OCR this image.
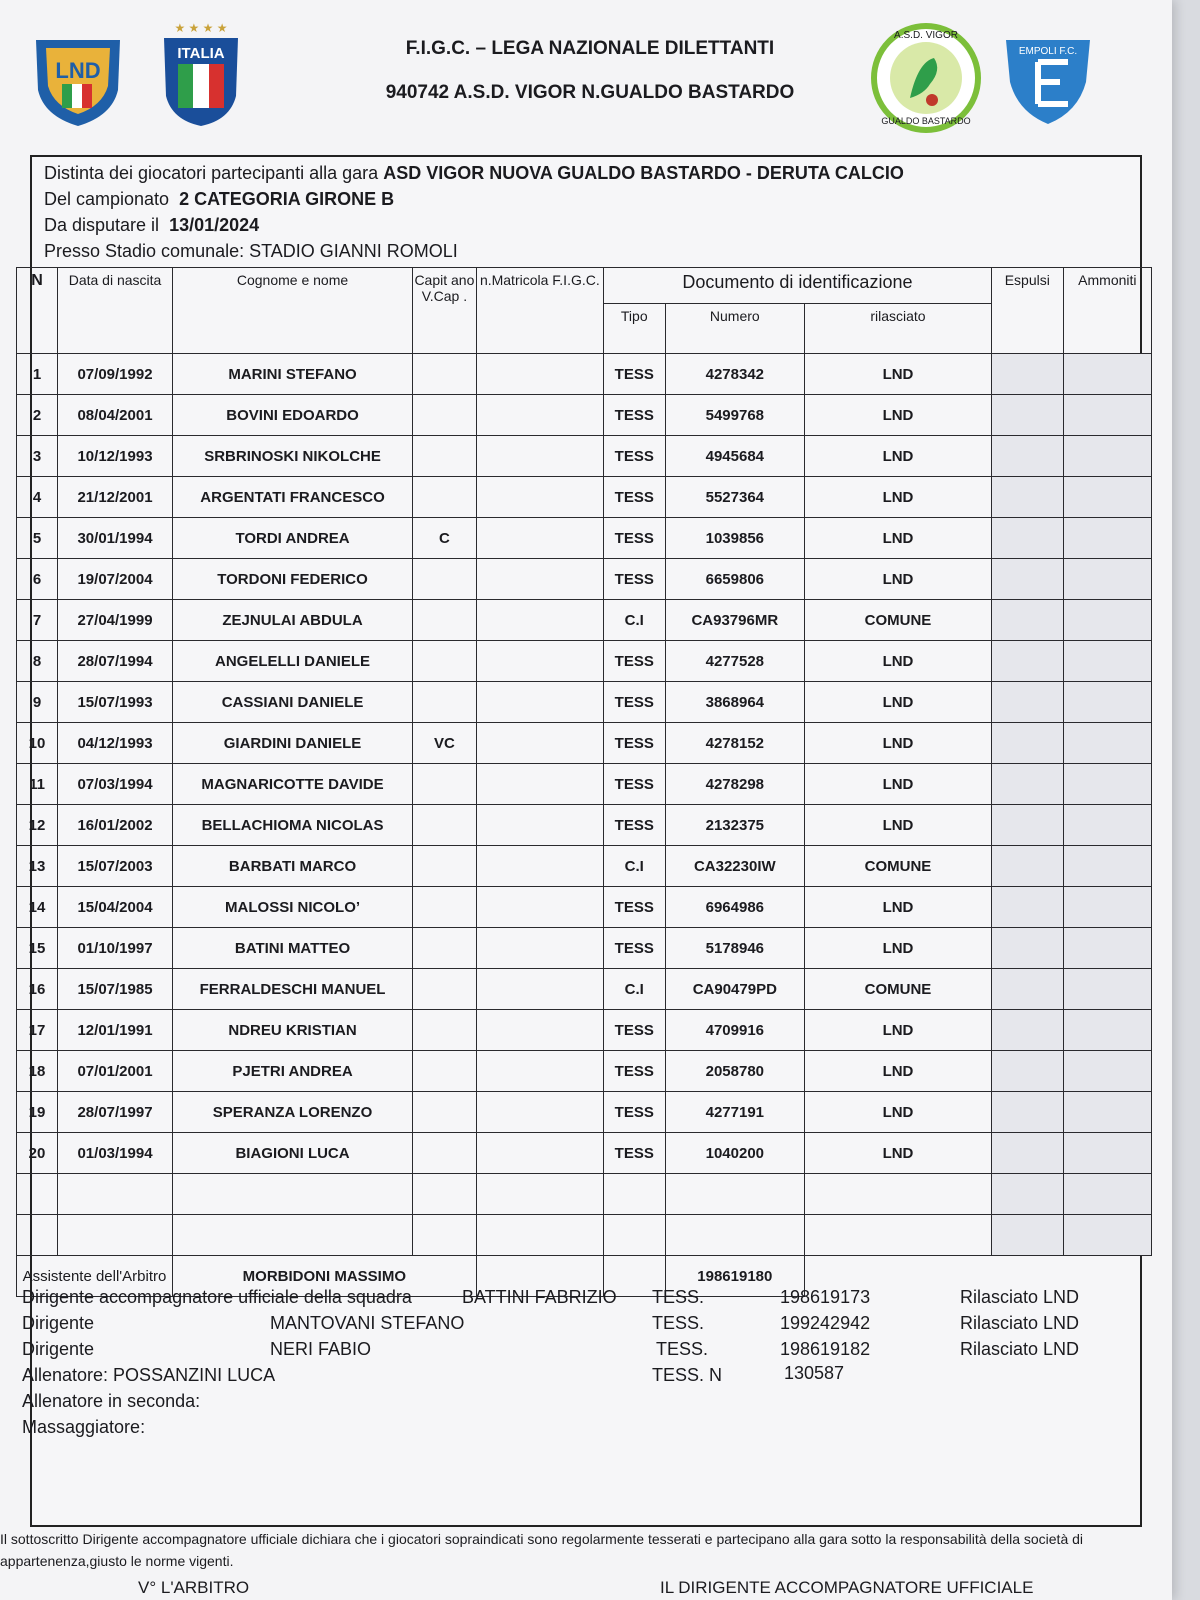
LND
★ ★ ★ ★
ITALIA	F.I.G.C. – LEGA NAZIONALE DILETTANTI
940742 A.S.D. VIGOR N.GUALDO BASTARDO
A.S.D. VIGOR
GUALDO BASTARDO
EMPOLI F.C.
Distinta dei giocatori partecipanti alla gara ASD VIGOR NUOVA GUALDO BASTARDO - DERUTA CALCIO
Del campionato 2 CATEGORIA GIRONE B
Da disputare il 13/01/2024
Presso Stadio comunale: STADIO GIANNI ROMOLI
N	Data di nascita	Cognome e nome	Capit ano V.Cap .	n.Matricola F.I.G.C.	Documento di identificazione			Espulsi	Ammoniti
					Tipo	Numero	rilasciato		
1	07/09/1992	MARINI STEFANO			TESS	4278342	LND		
2	08/04/2001	BOVINI EDOARDO			TESS	5499768	LND		
3	10/12/1993	SRBRINOSKI NIKOLCHE			TESS	4945684	LND		
4	21/12/2001	ARGENTATI FRANCESCO			TESS	5527364	LND		
5	30/01/1994	TORDI ANDREA	C		TESS	1039856	LND		
6	19/07/2004	TORDONI FEDERICO			TESS	6659806	LND		
7	27/04/1999	ZEJNULAI ABDULA			C.I	CA93796MR	COMUNE		
8	28/07/1994	ANGELELLI DANIELE			TESS	4277528	LND		
9	15/07/1993	CASSIANI DANIELE			TESS	3868964	LND		
10	04/12/1993	GIARDINI DANIELE	VC		TESS	4278152	LND		
11	07/03/1994	MAGNARICOTTE DAVIDE			TESS	4278298	LND		
12	16/01/2002	BELLACHIOMA NICOLAS			TESS	2132375	LND		
13	15/07/2003	BARBATI MARCO			C.I	CA32230IW	COMUNE		
14	15/04/2004	MALOSSI NICOLO’			TESS	6964986	LND		
15	01/10/1997	BATINI MATTEO			TESS	5178946	LND		
16	15/07/1985	FERRALDESCHI MANUEL			C.I	CA90479PD	COMUNE		
17	12/01/1991	NDREU KRISTIAN			TESS	4709916	LND		
18	07/01/2001	PJETRI ANDREA			TESS	2058780	LND		
19	28/07/1997	SPERANZA LORENZO			TESS	4277191	LND		
20	01/03/1994	BIAGIONI LUCA			TESS	1040200	LND		

Assistente dell'Arbitro		MORBIDONI MASSIMO				198619180			
Dirigente accompagnatore ufficiale della squadra	BATTINI FABRIZIO TESS.	198619173	Rilasciato LND
Dirigente	MANTOVANI STEFANO	TESS.	199242942	Rilasciato LND
Dirigente	NERI FABIO	TESS.	198619182	Rilasciato LND
Allenatore: POSSANZINI LUCA	TESS. N	130587
Allenatore in seconda:
Massaggiatore:
Il sottoscritto Dirigente accompagnatore ufficiale dichiara che i giocatori sopraindicati sono regolarmente tesserati e partecipano alla gara sotto la responsabilità della società di appartenenza,giusto le norme vigenti.
V° L'ARBITRO	IL DIRIGENTE ACCOMPAGNATORE UFFICIALE
